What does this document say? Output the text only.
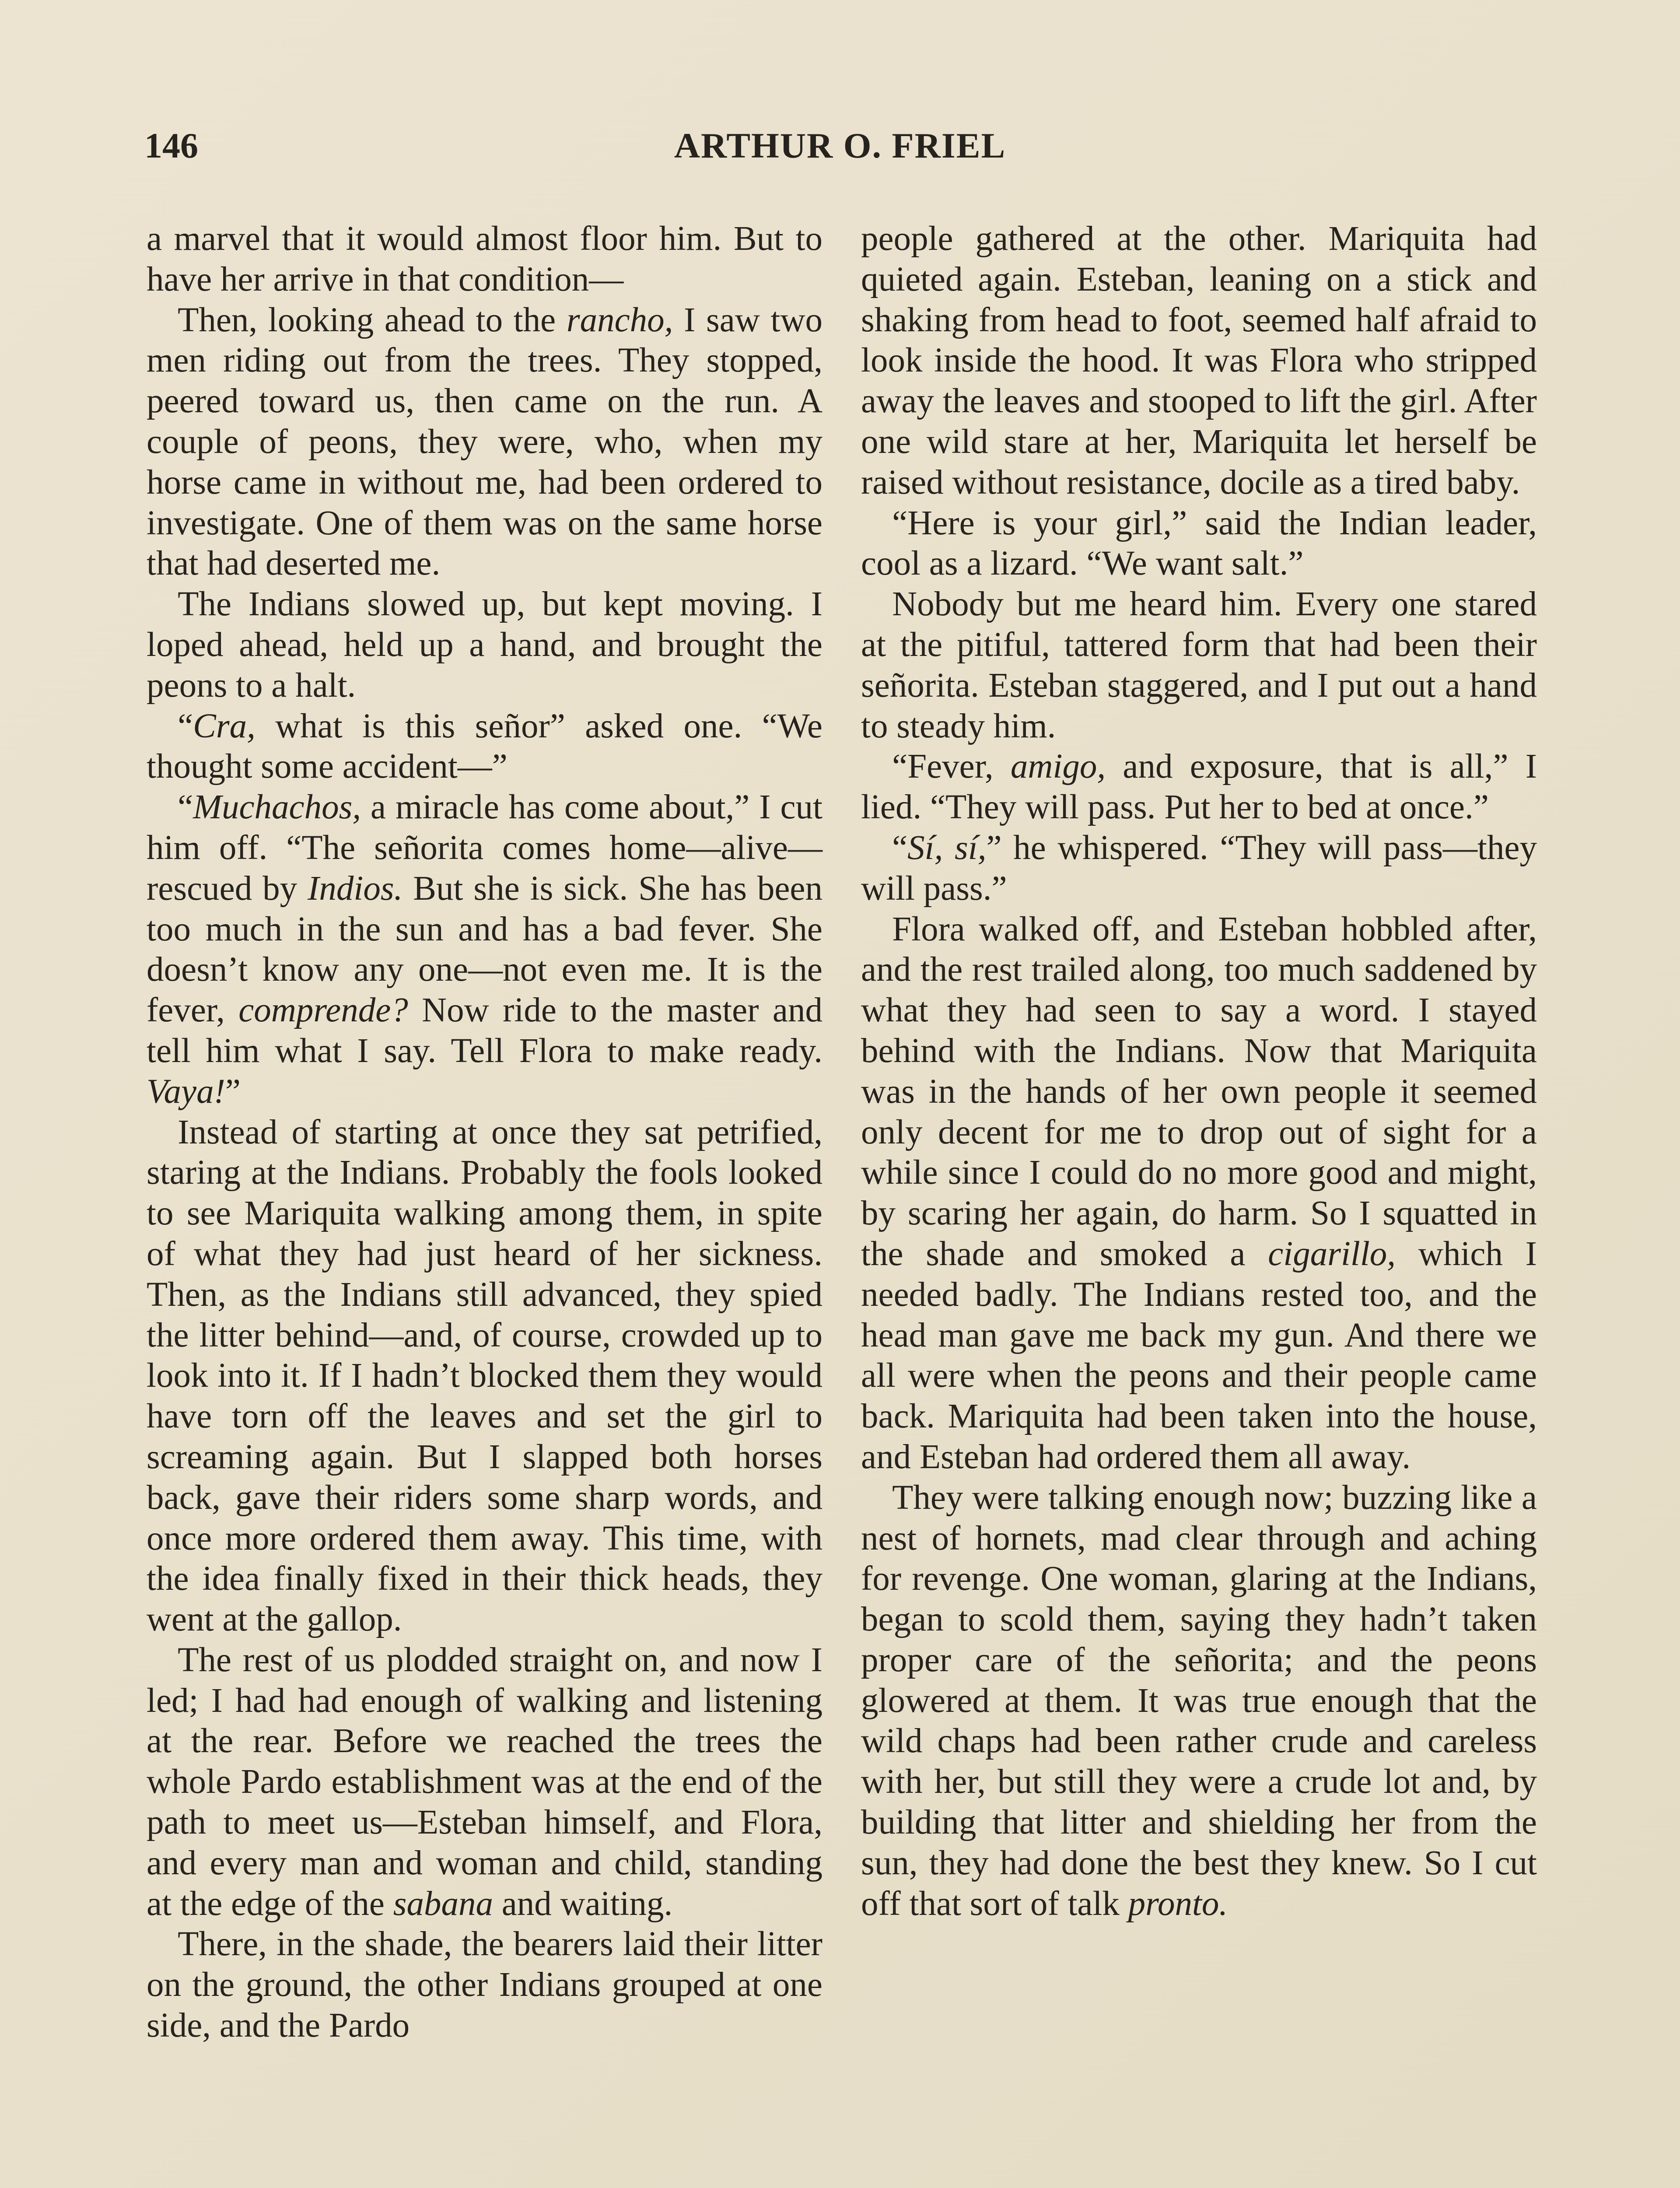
146	ARTHUR O. FRIEL

a marvel that it would almost floor him. But to have her arrive in that condition—

Then, looking ahead to the rancho, I saw two men riding out from the trees. They stopped, peered toward us, then came on the run. A couple of peons, they were, who, when my horse came in without me, had been ordered to investigate. One of them was on the same horse that had deserted me.

The Indians slowed up, but kept moving. I loped ahead, held up a hand, and brought the peons to a halt.

“Cra, what is this señor” asked one. “We thought some accident—”

“Muchachos, a miracle has come about,” I cut him off. “The señorita comes home—alive—rescued by Indios. But she is sick. She has been too much in the sun and has a bad fever. She doesn’t know any one—not even me. It is the fever, comprende? Now ride to the master and tell him what I say. Tell Flora to make ready. Vaya!”

Instead of starting at once they sat petrified, staring at the Indians. Probably the fools looked to see Mariquita walking among them, in spite of what they had just heard of her sickness. Then, as the Indians still advanced, they spied the litter behind—and, of course, crowded up to look into it. If I hadn’t blocked them they would have torn off the leaves and set the girl to screaming again. But I slapped both horses back, gave their riders some sharp words, and once more ordered them away. This time, with the idea finally fixed in their thick heads, they went at the gallop.

The rest of us plodded straight on, and now I led; I had had enough of walking and listening at the rear. Before we reached the trees the whole Pardo establishment was at the end of the path to meet us—Esteban himself, and Flora, and every man and woman and child, standing at the edge of the sabana and waiting.

There, in the shade, the bearers laid their litter on the ground, the other Indians grouped at one side, and the Pardo

people gathered at the other. Mariquita had quieted again. Esteban, leaning on a stick and shaking from head to foot, seemed half afraid to look inside the hood. It was Flora who stripped away the leaves and stooped to lift the girl. After one wild stare at her, Mariquita let herself be raised without resistance, docile as a tired baby.

“Here is your girl,” said the Indian leader, cool as a lizard. “We want salt.”

Nobody but me heard him. Every one stared at the pitiful, tattered form that had been their señorita. Esteban staggered, and I put out a hand to steady him.

“Fever, amigo, and exposure, that is all,” I lied. “They will pass. Put her to bed at once.”

“Sí, sí,” he whispered. “They will pass—they will pass.”

Flora walked off, and Esteban hobbled after, and the rest trailed along, too much saddened by what they had seen to say a word. I stayed behind with the Indians. Now that Mariquita was in the hands of her own people it seemed only decent for me to drop out of sight for a while since I could do no more good and might, by scaring her again, do harm. So I squatted in the shade and smoked a cigarillo, which I needed badly. The Indians rested too, and the head man gave me back my gun. And there we all were when the peons and their people came back. Mariquita had been taken into the house, and Esteban had ordered them all away.

They were talking enough now; buzzing like a nest of hornets, mad clear through and aching for revenge. One woman, glaring at the Indians, began to scold them, saying they hadn’t taken proper care of the señorita; and the peons glowered at them. It was true enough that the wild chaps had been rather crude and careless with her, but still they were a crude lot and, by building that litter and shielding her from the sun, they had done the best they knew. So I cut off that sort of talk pronto.
